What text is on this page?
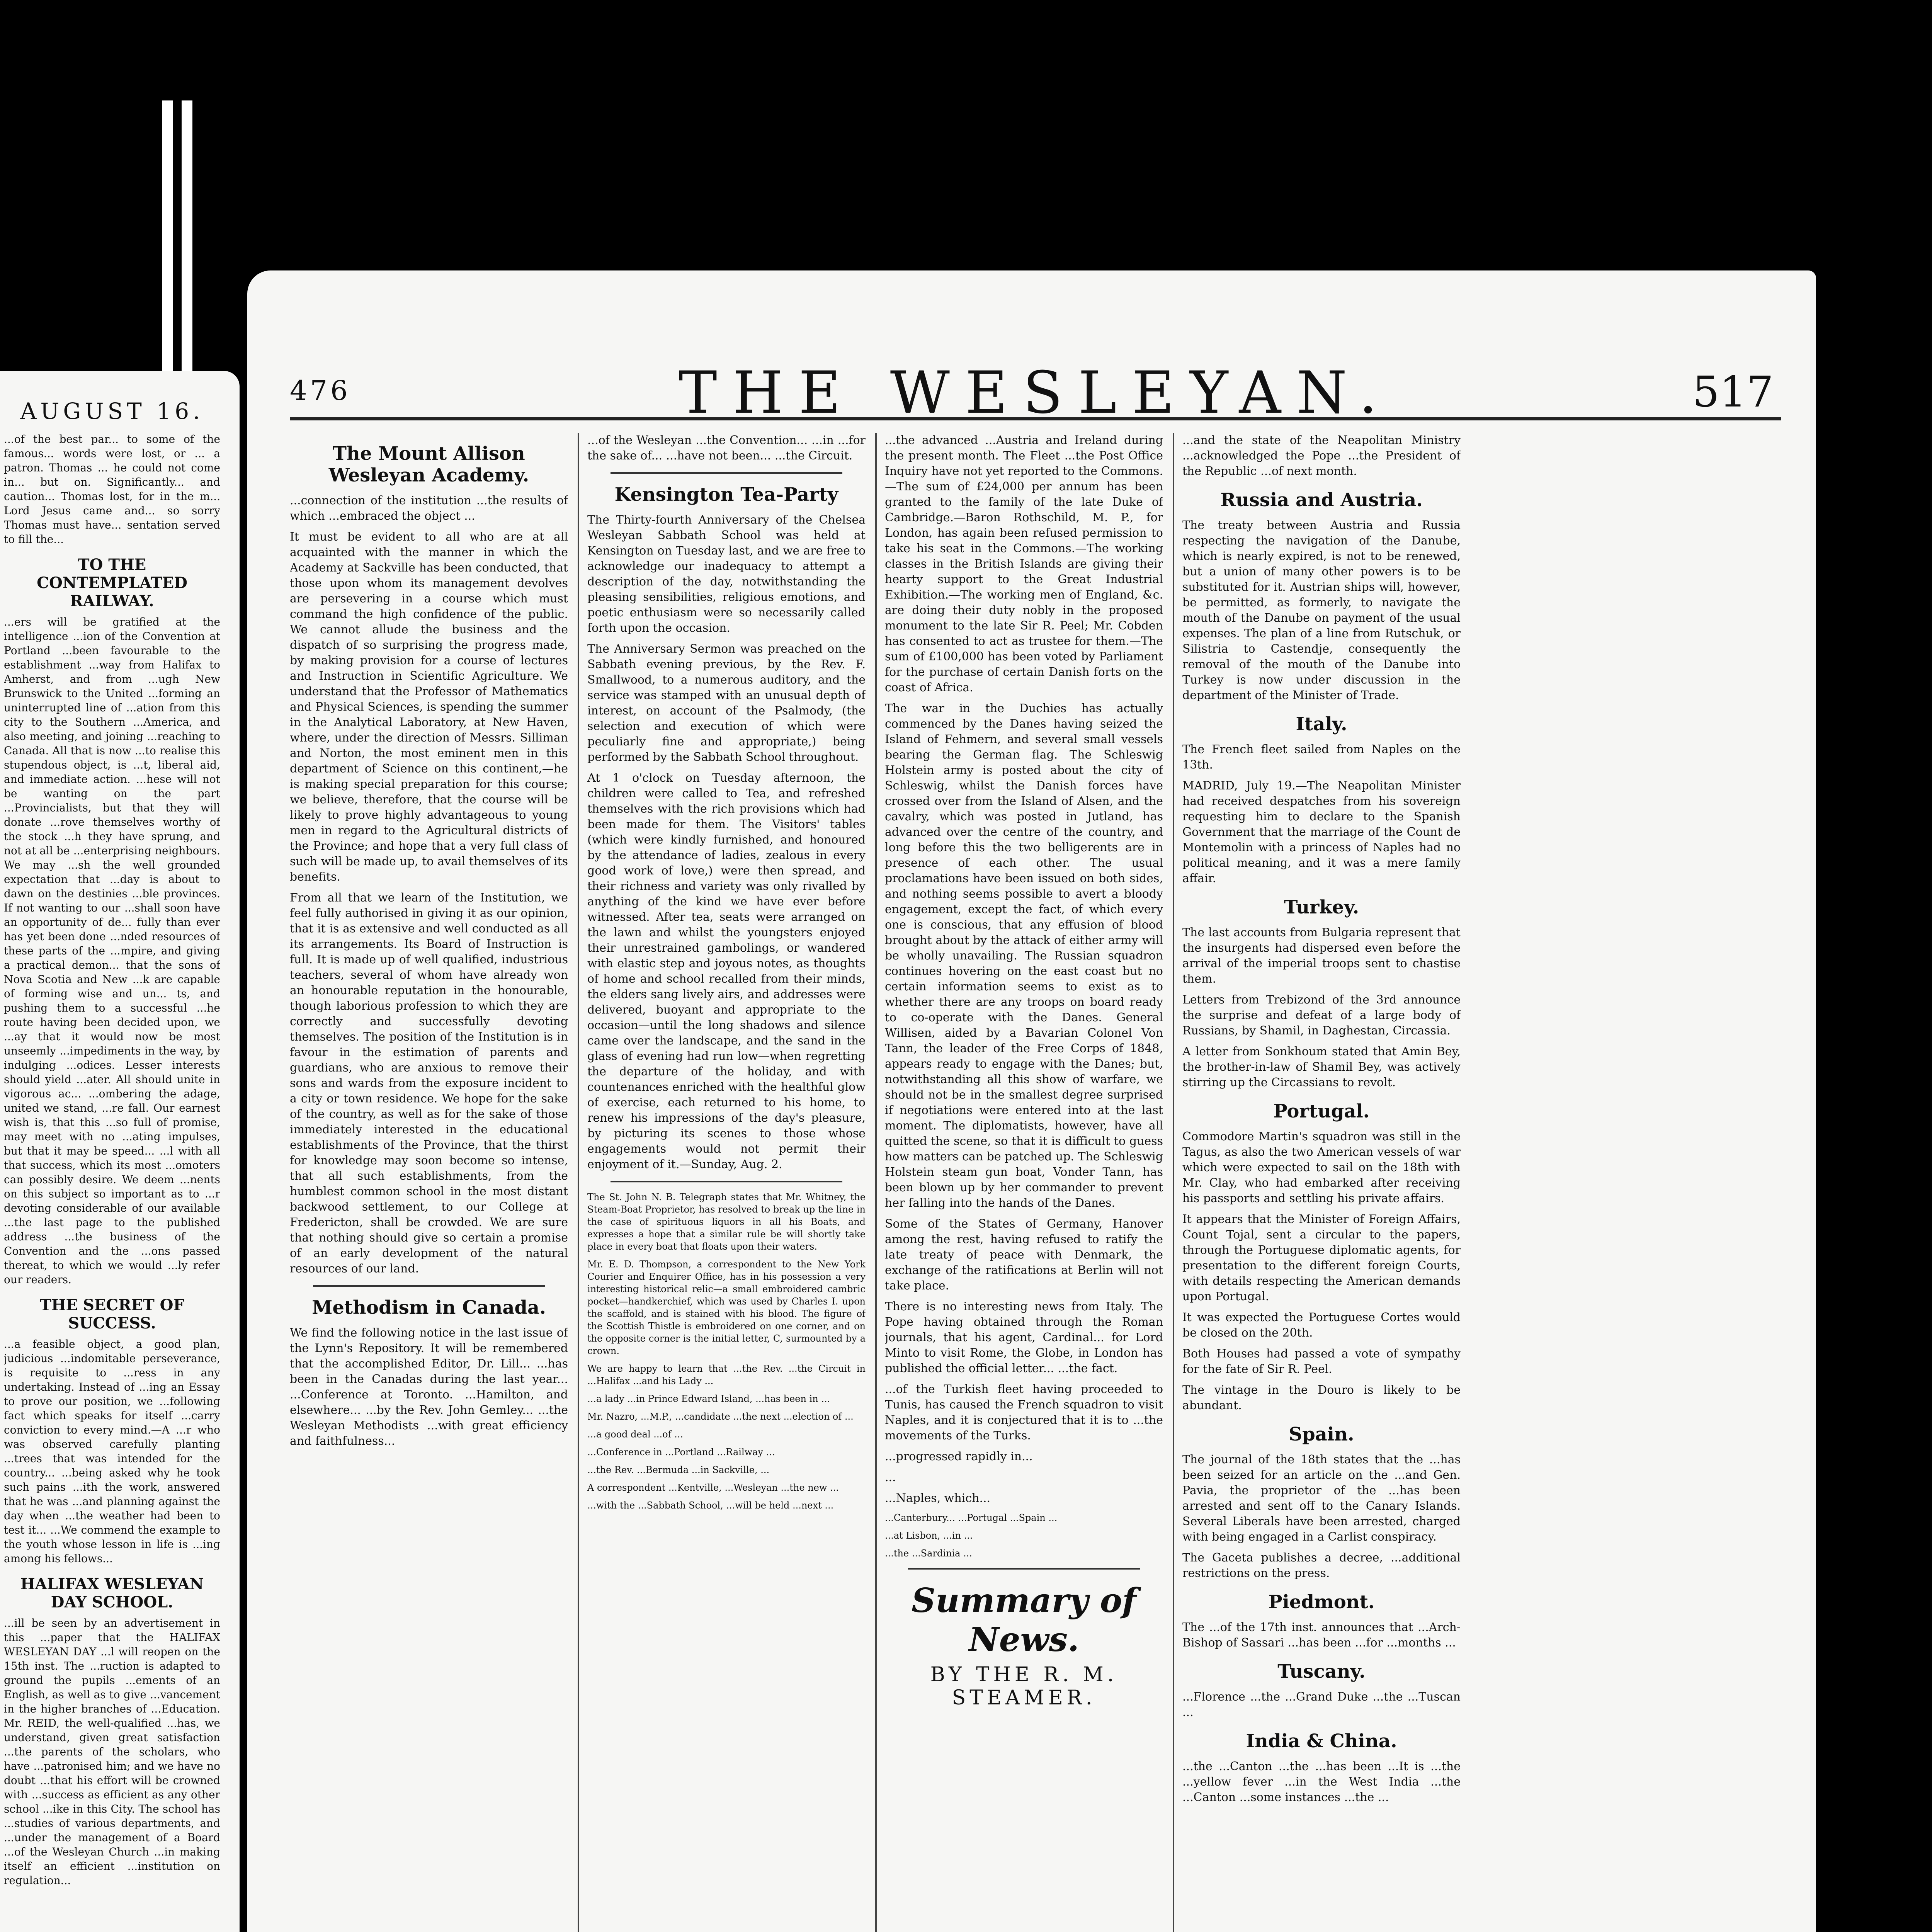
AUGUST 16.

...of the best par... to some of the famous... words were lost, or ... a patron. Thomas ... he could not come in... but on. Significantly... and caution... Thomas lost, for in the m... Lord Jesus came and... so sorry Thomas must have... sentation served to fill the...

TO THE CONTEMPLATED RAILWAY.

...ers will be gratified at the intelligence ...ion of the Convention at Portland ...been favourable to the establishment ...way from Halifax to Amherst, and from ...ugh New Brunswick to the United ...forming an uninterrupted line of ...ation from this city to the Southern ...America, and also meeting, and joining ...reaching to Canada. All that is now ...to realise this stupendous object, is ...t, liberal aid, and immediate action. ...hese will not be wanting on the part ...Provincialists, but that they will donate ...rove themselves worthy of the stock ...h they have sprung, and not at all be ...enterprising neighbours. We may ...sh the well grounded expectation that ...day is about to dawn on the destinies ...ble provinces. If not wanting to our ...shall soon have an opportunity of de... fully than ever has yet been done ...nded resources of these parts of the ...mpire, and giving a practical demon... that the sons of Nova Scotia and New ...k are capable of forming wise and un... ts, and pushing them to a successful ...he route having been decided upon, we ...ay that it would now be most unseemly ...impediments in the way, by indulging ...odices. Lesser interests should yield ...ater. All should unite in vigorous ac... ...ombering the adage, united we stand, ...re fall. Our earnest wish is, that this ...so full of promise, may meet with no ...ating impulses, but that it may be speed... ...l with all that success, which its most ...omoters can possibly desire. We deem ...nents on this subject so important as to ...r devoting considerable of our available ...the last page to the published address ...the business of the Convention and the ...ons passed thereat, to which we would ...ly refer our readers.

THE SECRET OF SUCCESS.

...a feasible object, a good plan, judicious ...indomitable perseverance, is requisite to ...ress in any undertaking. Instead of ...ing an Essay to prove our position, we ...following fact which speaks for itself ...carry conviction to every mind.—A ...r who was observed carefully planting ...trees that was intended for the country... ...being asked why he took such pains ...ith the work, answered that he was ...and planning against the day when ...the weather had been to test it... ...We commend the example to the youth whose lesson in life is ...ing among his fellows...

HALIFAX WESLEYAN DAY SCHOOL.

...ill be seen by an advertisement in this ...paper that the HALIFAX WESLEYAN DAY ...l will reopen on the 15th inst. The ...ruction is adapted to ground the pupils ...ements of an English, as well as to give ...vancement in the higher branches of ...Education. Mr. REID, the well-qualified ...has, we understand, given great satisfaction ...the parents of the scholars, who have ...patronised him; and we have no doubt ...that his effort will be crowned with ...success as efficient as any other school ...ike in this City. The school has ...studies of various departments, and ...under the management of a Board ...of the Wesleyan Church ...in making itself an efficient ...institution on regulation...

476	THE WESLEYAN.	517
The Mount Allison Wesleyan Academy.

...connection of the institution ...the results of which ...embraced the object ...

It must be evident to all who are at all acquainted with the manner in which the Academy at Sackville has been conducted, that those upon whom its management devolves are persevering in a course which must command the high confidence of the public. We cannot allude the business and the dispatch of so surprising the progress made, by making provision for a course of lectures and Instruction in Scientific Agriculture. We understand that the Professor of Mathematics and Physical Sciences, is spending the summer in the Analytical Laboratory, at New Haven, where, under the direction of Messrs. Silliman and Norton, the most eminent men in this department of Science on this continent,—he is making special preparation for this course; we believe, therefore, that the course will be likely to prove highly advantageous to young men in regard to the Agricultural districts of the Province; and hope that a very full class of such will be made up, to avail themselves of its benefits.

From all that we learn of the Institution, we feel fully authorised in giving it as our opinion, that it is as extensive and well conducted as all its arrangements. Its Board of Instruction is full. It is made up of well qualified, industrious teachers, several of whom have already won an honourable reputation in the honourable, though laborious profession to which they are correctly and successfully devoting themselves. The position of the Institution is in favour in the estimation of parents and guardians, who are anxious to remove their sons and wards from the exposure incident to a city or town residence. We hope for the sake of the country, as well as for the sake of those immediately interested in the educational establishments of the Province, that the thirst for knowledge may soon become so intense, that all such establishments, from the humblest common school in the most distant backwood settlement, to our College at Fredericton, shall be crowded. We are sure that nothing should give so certain a promise of an early development of the natural resources of our land.

Methodism in Canada.

We find the following notice in the last issue of the Lynn's Repository. It will be remembered that the accomplished Editor, Dr. Lill... ...has been in the Canadas during the last year... ...Conference at Toronto. ...Hamilton, and elsewhere... ...by the Rev. John Gemley... ...the Wesleyan Methodists ...with great efficiency and faithfulness...

...of the Wesleyan ...the Convention... ...in ...for the sake of... ...have not been... ...the Circuit.

Kensington Tea-Party

The Thirty-fourth Anniversary of the Chelsea Wesleyan Sabbath School was held at Kensington on Tuesday last, and we are free to acknowledge our inadequacy to attempt a description of the day, notwithstanding the pleasing sensibilities, religious emotions, and poetic enthusiasm were so necessarily called forth upon the occasion.

The Anniversary Sermon was preached on the Sabbath evening previous, by the Rev. F. Smallwood, to a numerous auditory, and the service was stamped with an unusual depth of interest, on account of the Psalmody, (the selection and execution of which were peculiarly fine and appropriate,) being performed by the Sabbath School throughout.

At 1 o'clock on Tuesday afternoon, the children were called to Tea, and refreshed themselves with the rich provisions which had been made for them. The Visitors' tables (which were kindly furnished, and honoured by the attendance of ladies, zealous in every good work of love,) were then spread, and their richness and variety was only rivalled by anything of the kind we have ever before witnessed. After tea, seats were arranged on the lawn and whilst the youngsters enjoyed their unrestrained gambolings, or wandered with elastic step and joyous notes, as thoughts of home and school recalled from their minds, the elders sang lively airs, and addresses were delivered, buoyant and appropriate to the occasion—until the long shadows and silence came over the landscape, and the sand in the glass of evening had run low—when regretting the departure of the holiday, and with countenances enriched with the healthful glow of exercise, each returned to his home, to renew his impressions of the day's pleasure, by picturing its scenes to those whose engagements would not permit their enjoyment of it.—Sunday, Aug. 2.

The St. John N. B. Telegraph states that Mr. Whitney, the Steam-Boat Proprietor, has resolved to break up the line in the case of spirituous liquors in all his Boats, and expresses a hope that a similar rule be will shortly take place in every boat that floats upon their waters.

Mr. E. D. Thompson, a correspondent to the New York Courier and Enquirer Office, has in his possession a very interesting historical relic—a small embroidered cambric pocket—handkerchief, which was used by Charles I. upon the scaffold, and is stained with his blood. The figure of the Scottish Thistle is embroidered on one corner, and on the opposite corner is the initial letter, C, surmounted by a crown.

We are happy to learn that ...the Rev. ...the Circuit in ...Halifax ...and his Lady ...

...a lady ...in Prince Edward Island, ...has been in ...

Mr. Nazro, ...M.P., ...candidate ...the next ...election of ...

...a good deal ...of ...

...Conference in ...Portland ...Railway ...

...the Rev. ...Bermuda ...in Sackville, ...

A correspondent ...Kentville, ...Wesleyan ...the new ...

...with the ...Sabbath School, ...will be held ...next ...

...the advanced ...Austria and Ireland during the present month. The Fleet ...the Post Office Inquiry have not yet reported to the Commons.—The sum of £24,000 per annum has been granted to the family of the late Duke of Cambridge.—Baron Rothschild, M. P., for London, has again been refused permission to take his seat in the Commons.—The working classes in the British Islands are giving their hearty support to the Great Industrial Exhibition.—The working men of England, &c. are doing their duty nobly in the proposed monument to the late Sir R. Peel; Mr. Cobden has consented to act as trustee for them.—The sum of £100,000 has been voted by Parliament for the purchase of certain Danish forts on the coast of Africa.

The war in the Duchies has actually commenced by the Danes having seized the Island of Fehmern, and several small vessels bearing the German flag. The Schleswig Holstein army is posted about the city of Schleswig, whilst the Danish forces have crossed over from the Island of Alsen, and the cavalry, which was posted in Jutland, has advanced over the centre of the country, and long before this the two belligerents are in presence of each other. The usual proclamations have been issued on both sides, and nothing seems possible to avert a bloody engagement, except the fact, of which every one is conscious, that any effusion of blood brought about by the attack of either army will be wholly unavailing. The Russian squadron continues hovering on the east coast but no certain information seems to exist as to whether there are any troops on board ready to co-operate with the Danes. General Willisen, aided by a Bavarian Colonel Von Tann, the leader of the Free Corps of 1848, appears ready to engage with the Danes; but, notwithstanding all this show of warfare, we should not be in the smallest degree surprised if negotiations were entered into at the last moment. The diplomatists, however, have all quitted the scene, so that it is difficult to guess how matters can be patched up. The Schleswig Holstein steam gun boat, Vonder Tann, has been blown up by her commander to prevent her falling into the hands of the Danes.

Some of the States of Germany, Hanover among the rest, having refused to ratify the late treaty of peace with Denmark, the exchange of the ratifications at Berlin will not take place.

There is no interesting news from Italy. The Pope having obtained through the Roman journals, that his agent, Cardinal... for Lord Minto to visit Rome, the Globe, in London has published the official letter... ...the fact.

...of the Turkish fleet having proceeded to Tunis, has caused the French squadron to visit Naples, and it is conjectured that it is to ...the movements of the Turks.

...progressed rapidly in...

...

...Naples, which...

...Canterbury... ...Portugal ...Spain ...

...at Lisbon, ...in ...

...the ...Sardinia ...

Summary of News.
BY THE R. M. STEAMER.

...and the state of the Neapolitan Ministry ...acknowledged the Pope ...the President of the Republic ...of next month.

Russia and Austria.

The treaty between Austria and Russia respecting the navigation of the Danube, which is nearly expired, is not to be renewed, but a union of many other powers is to be substituted for it. Austrian ships will, however, be permitted, as formerly, to navigate the mouth of the Danube on payment of the usual expenses. The plan of a line from Rutschuk, or Silistria to Castendje, consequently the removal of the mouth of the Danube into Turkey is now under discussion in the department of the Minister of Trade.

Italy.

The French fleet sailed from Naples on the 13th.

MADRID, July 19.—The Neapolitan Minister had received despatches from his sovereign requesting him to declare to the Spanish Government that the marriage of the Count de Montemolin with a princess of Naples had no political meaning, and it was a mere family affair.

Turkey.

The last accounts from Bulgaria represent that the insurgents had dispersed even before the arrival of the imperial troops sent to chastise them.

Letters from Trebizond of the 3rd announce the surprise and defeat of a large body of Russians, by Shamil, in Daghestan, Circassia.

A letter from Sonkhoum stated that Amin Bey, the brother-in-law of Shamil Bey, was actively stirring up the Circassians to revolt.

Portugal.

Commodore Martin's squadron was still in the Tagus, as also the two American vessels of war which were expected to sail on the 18th with Mr. Clay, who had embarked after receiving his passports and settling his private affairs.

It appears that the Minister of Foreign Affairs, Count Tojal, sent a circular to the papers, through the Portuguese diplomatic agents, for presentation to the different foreign Courts, with details respecting the American demands upon Portugal.

It was expected the Portuguese Cortes would be closed on the 20th.

Both Houses had passed a vote of sympathy for the fate of Sir R. Peel.

The vintage in the Douro is likely to be abundant.

Spain.

The journal of the 18th states that the ...has been seized for an article on the ...and Gen. Pavia, the proprietor of the ...has been arrested and sent off to the Canary Islands. Several Liberals have been arrested, charged with being engaged in a Carlist conspiracy.

The Gaceta publishes a decree, ...additional restrictions on the press.

Piedmont.

The ...of the 17th inst. announces that ...Arch-Bishop of Sassari ...has been ...for ...months ...

Tuscany.

...Florence ...the ...Grand Duke ...the ...Tuscan ...

India & China.

...the ...Canton ...the ...has been ...It is ...the ...yellow fever ...in the West India ...the ...Canton ...some instances ...the ...
